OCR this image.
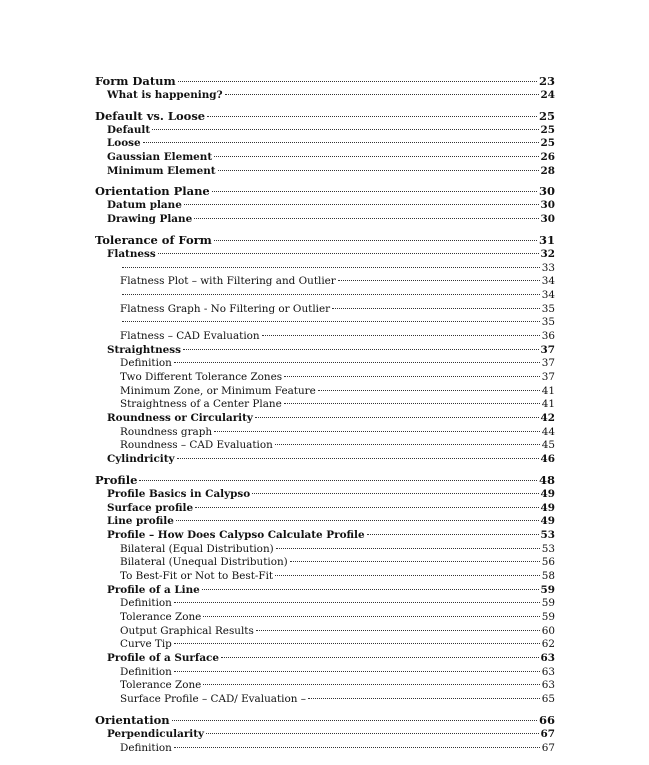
Form Datum	23
What is happening?	24
Default vs. Loose	25
Default	25
Loose	25
Gaussian Element	26
Minimum Element	28
Orientation Plane	30
Datum plane	30
Drawing Plane	30
Tolerance of Form	31
Flatness	32
33
Flatness Plot – with Filtering and Outlier	34
34
Flatness Graph - No Filtering or Outlier	35
35
Flatness – CAD Evaluation	36
Straightness	37
Definition	37
Two Different Tolerance Zones	37
Minimum Zone, or Minimum Feature	41
Straightness of a Center Plane	41
Roundness or Circularity	42
Roundness graph	44
Roundness – CAD Evaluation	45
Cylindricity	46
Profile	48
Profile Basics in Calypso	49
Surface profile	49
Line profile	49
Profile – How Does Calypso Calculate Profile	53
Bilateral (Equal Distribution)	53
Bilateral (Unequal Distribution)	56
To Best-Fit or Not to Best-Fit	58
Profile of a Line	59
Definition	59
Tolerance Zone	59
Output Graphical Results	60
Curve Tip	62
Profile of a Surface	63
Definition	63
Tolerance Zone	63
Surface Profile – CAD/ Evaluation –	65
Orientation	66
Perpendicularity	67
Definition	67
